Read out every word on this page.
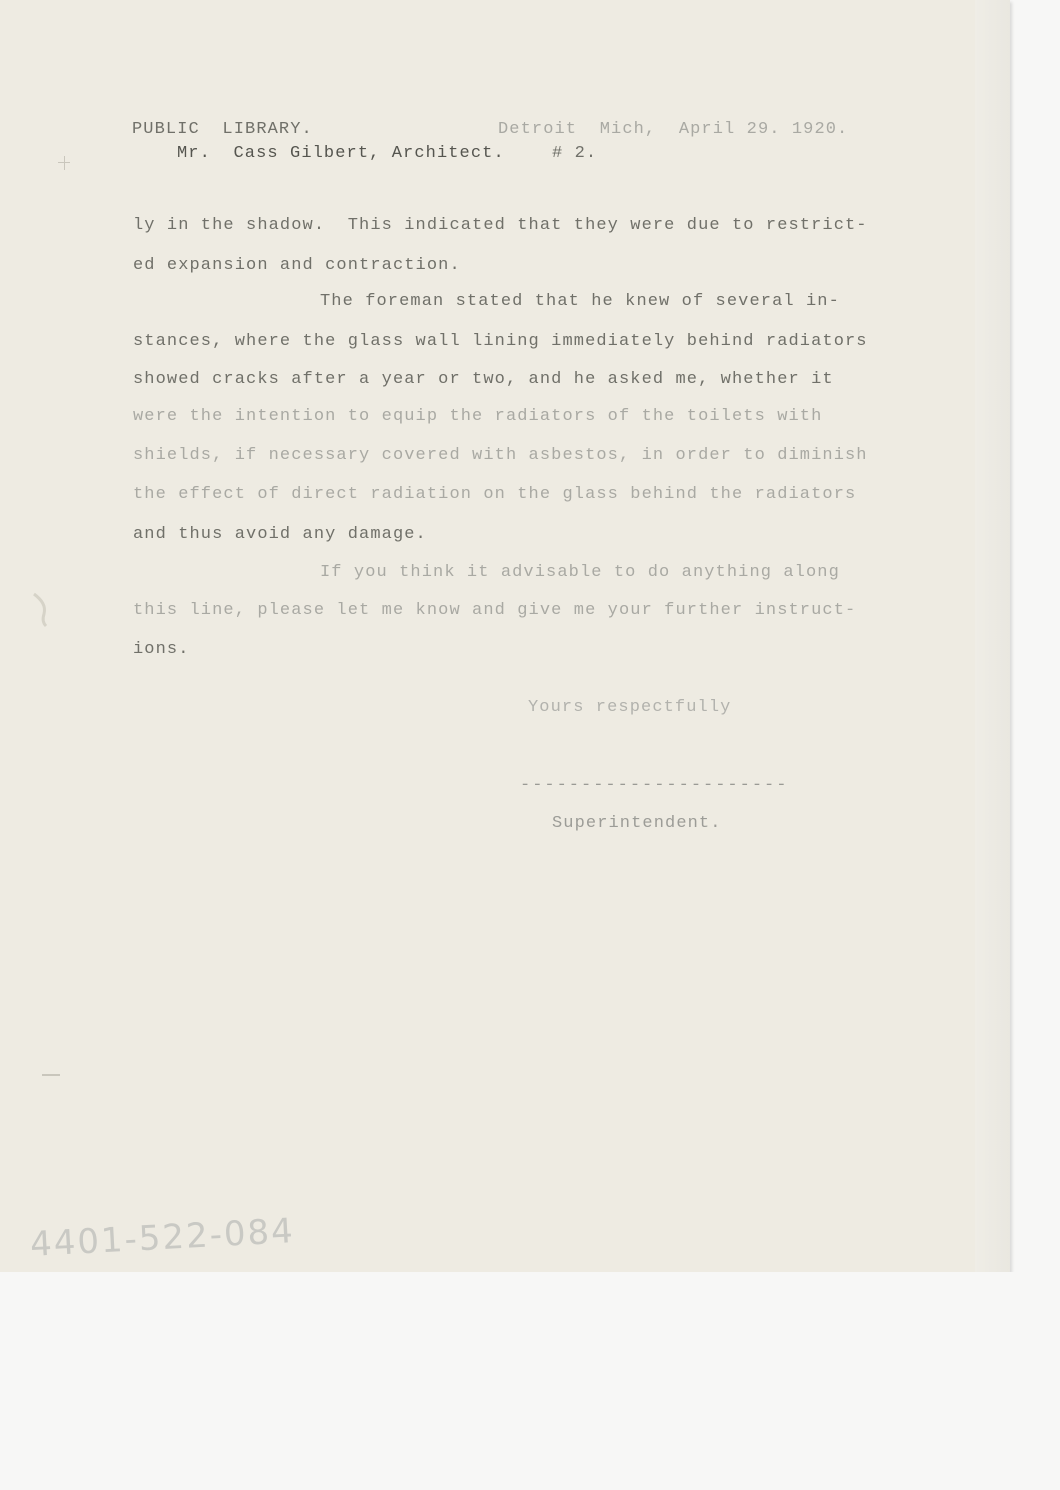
PUBLIC  LIBRARY.	Detroit  Mich,  April 29. 1920.
Mr.  Cass Gilbert, Architect.	# 2.
ly in the shadow.  This indicated that they were due to restrict-
ed expansion and contraction.
The foreman stated that he knew of several in-
stances, where the glass wall lining immediately behind radiators
showed cracks after a year or two, and he asked me, whether it
were the intention to equip the radiators of the toilets with
shields, if necessary covered with asbestos, in order to diminish
the effect of direct radiation on the glass behind the radiators
and thus avoid any damage.
If you think it advisable to do anything along
this line, please let me know and give me your further instruct-
ions.
Yours respectfully
----------------------
Superintendent.
4401-522-084
